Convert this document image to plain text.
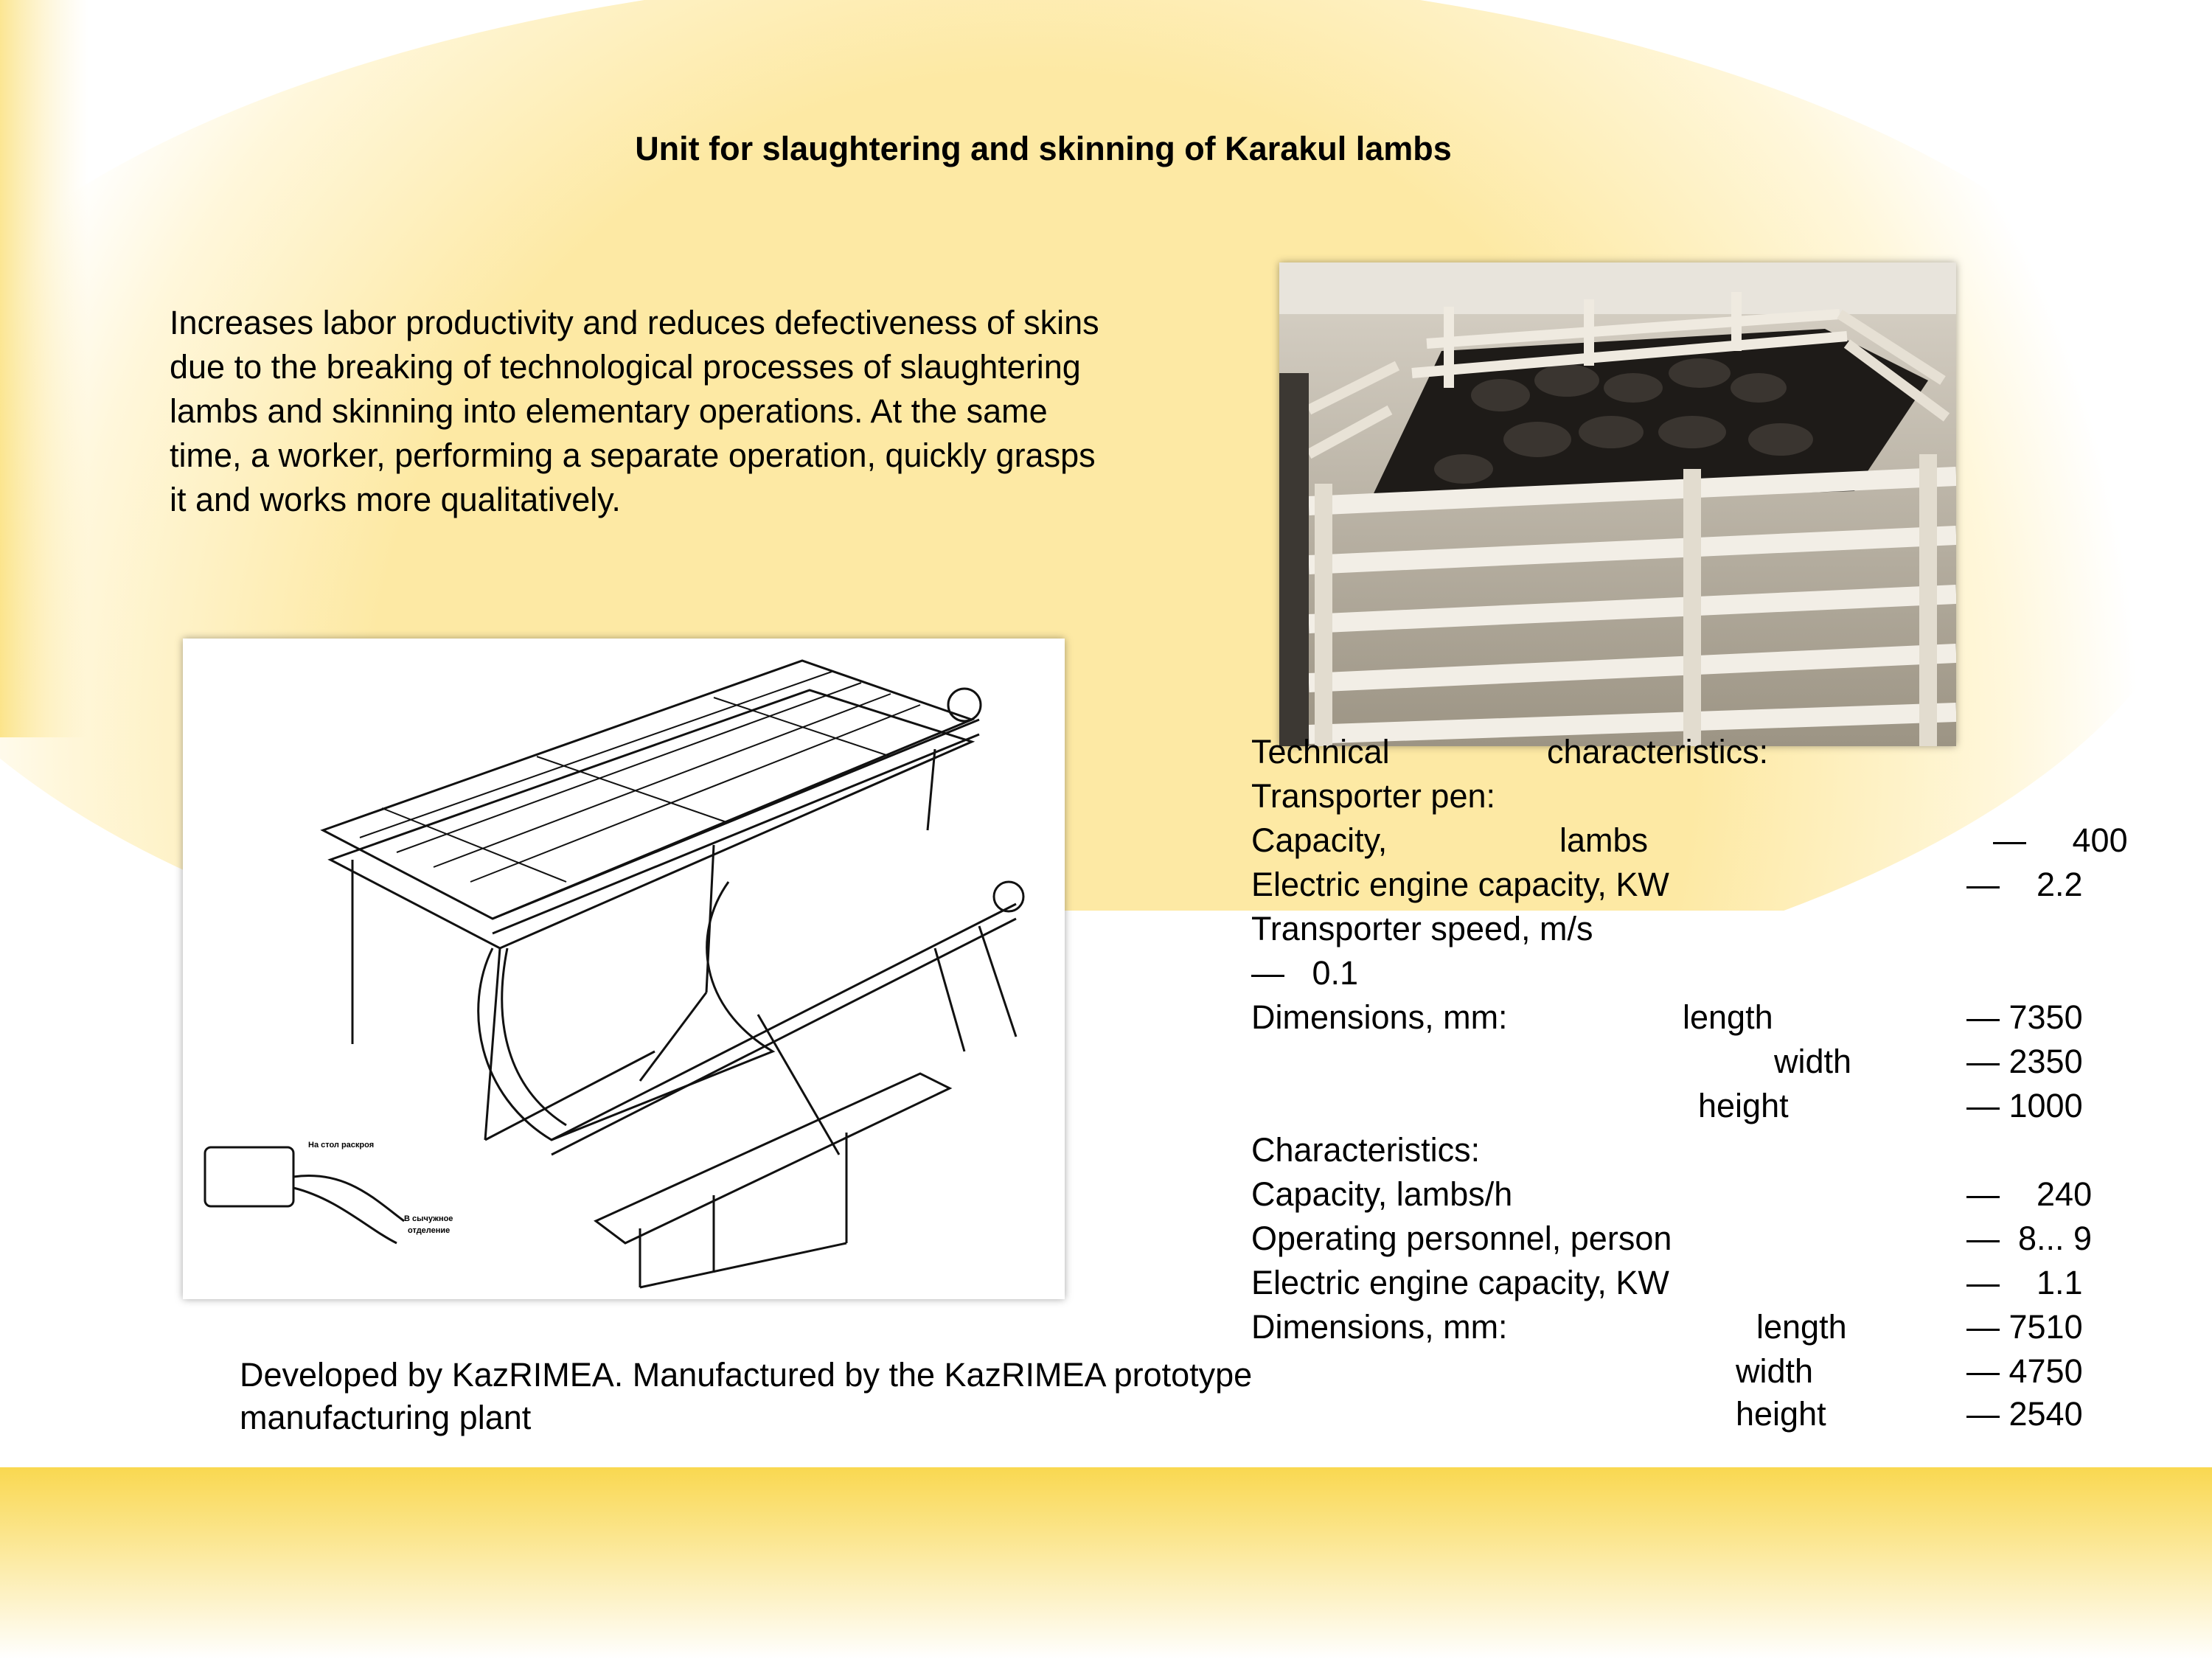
Unit for slaughtering and skinning of Karakul lambs

Increases labor productivity and reduces defectiveness of skins

due to the breaking of technological processes of slaughtering

lambs and skinning into elementary operations. At the same

time, a worker, performing a separate operation, quickly grasps

it and works more qualitatively.

На стол раскроя
В сычужное
отделение
Technical	characteristics:
Transporter pen:
Capacity,	lambs	—     400
Electric engine capacity, KW	—    2.2
Transporter speed, m/s
—   0.1
Dimensions, mm:	length	— 7350
width	— 2350
height	— 1000
Characteristics:
Capacity, lambs/h	—    240
Operating personnel, person	—  8... 9
Electric engine capacity, KW	—    1.1
Dimensions, mm:	length	— 7510
width	— 4750
height	— 2540

Developed by KazRIMEA. Manufactured by the KazRIMEA prototype

manufacturing plant
